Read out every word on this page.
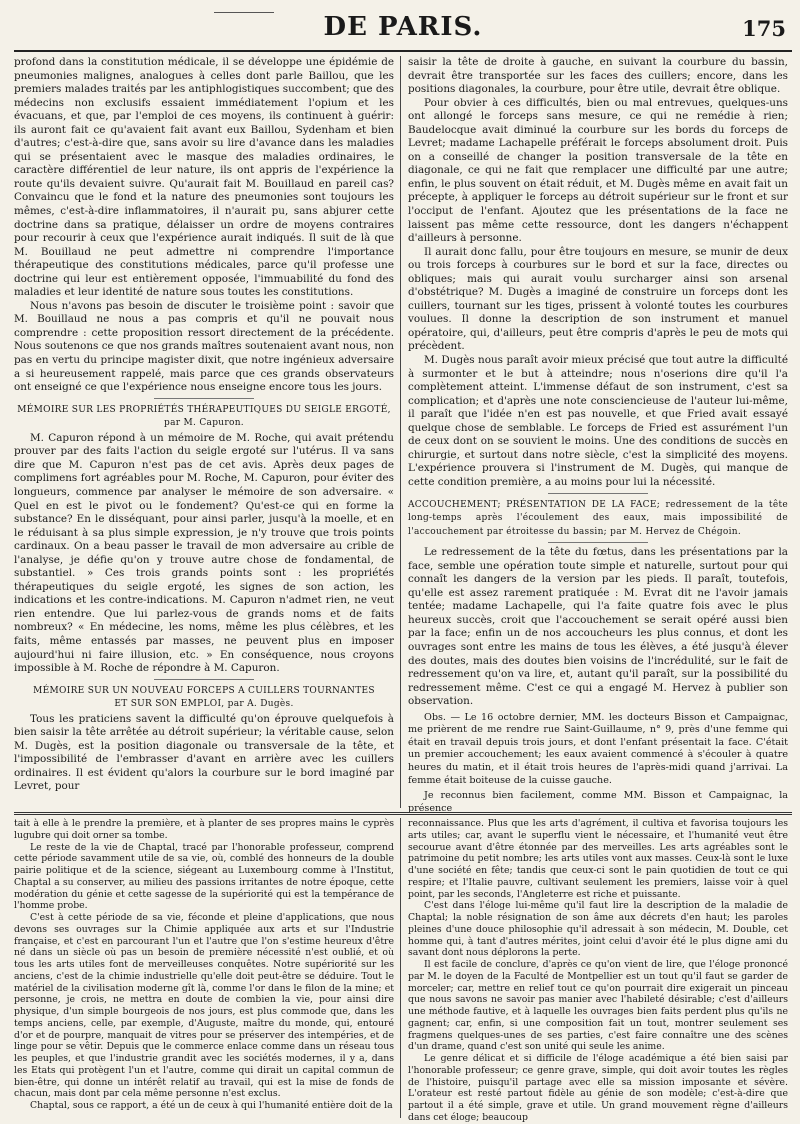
DE PARIS.	175

profond dans la constitution médicale, il se développe une épidémie de pneumonies malignes, analogues à celles dont parle Baillou, que les premiers malades traités par les antiphlogistiques succombent; que des médecins non exclusifs essaient immédiatement l'opium et les évacuans, et que, par l'emploi de ces moyens, ils continuent à guérir: ils auront fait ce qu'avaient fait avant eux Baillou, Sydenham et bien d'autres; c'est-à-dire que, sans avoir su lire d'avance dans les maladies qui se présentaient avec le masque des maladies ordinaires, le caractère différentiel de leur nature, ils ont appris de l'expérience la route qu'ils devaient suivre. Qu'aurait fait M. Bouillaud en pareil cas? Convaincu que le fond et la nature des pneumonies sont toujours les mêmes, c'est-à-dire inflammatoires, il n'aurait pu, sans abjurer cette doctrine dans sa pratique, délaisser un ordre de moyens contraires pour recourir à ceux que l'expérience aurait indiqués. Il suit de là que M. Bouillaud ne peut admettre ni comprendre l'importance thérapeutique des constitutions médicales, parce qu'il professe une doctrine qui leur est entièrement opposée, l'immuabilité du fond des maladies et leur identité de nature sous toutes les constitutions.

Nous n'avons pas besoin de discuter le troisième point : savoir que M. Bouillaud ne nous a pas compris et qu'il ne pouvait nous comprendre : cette proposition ressort directement de la précédente. Nous soutenons ce que nos grands maîtres soutenaient avant nous, non pas en vertu du principe magister dixit, que notre ingénieux adversaire a si heureusement rappelé, mais parce que ces grands observateurs ont enseigné ce que l'expérience nous enseigne encore tous les jours.

MÉMOIRE SUR LES PROPRIÉTÉS THÉRAPEUTIQUES DU SEIGLE ERGOTÉ,
par M. Capuron.

M. Capuron répond à un mémoire de M. Roche, qui avait prétendu prouver par des faits l'action du seigle ergoté sur l'utérus. Il va sans dire que M. Capuron n'est pas de cet avis. Après deux pages de complimens fort agréables pour M. Roche, M. Capuron, pour éviter des longueurs, commence par analyser le mémoire de son adversaire. « Quel en est le pivot ou le fondement? Qu'est-ce qui en forme la substance? En le disséquant, pour ainsi parler, jusqu'à la moelle, et en le réduisant à sa plus simple expression, je n'y trouve que trois points cardinaux. On a beau passer le travail de mon adversaire au crible de l'analyse, je défie qu'on y trouve autre chose de fondamental, de substantiel. » Ces trois grands points sont : les propriétés thérapeutiques du seigle ergoté, les signes de son action, les indications et les contre-indications. M. Capuron n'admet rien, ne veut rien entendre. Que lui parlez-vous de grands noms et de faits nombreux? « En médecine, les noms, même les plus célèbres, et les faits, même entassés par masses, ne peuvent plus en imposer aujourd'hui ni faire illusion, etc. » En conséquence, nous croyons impossible à M. Roche de répondre à M. Capuron.

MÉMOIRE SUR UN NOUVEAU FORCEPS A CUILLERS TOURNANTES
ET SUR SON EMPLOI, par A. Dugès.

Tous les praticiens savent la difficulté qu'on éprouve quelquefois à bien saisir la tête arrêtée au détroit supérieur; la véritable cause, selon M. Dugès, est la position diagonale ou transversale de la tête, et l'impossibilité de l'embrasser d'avant en arrière avec les cuillers ordinaires. Il est évident qu'alors la courbure sur le bord imaginé par Levret, pour

saisir la tête de droite à gauche, en suivant la courbure du bassin, devrait être transportée sur les faces des cuillers; encore, dans les positions diagonales, la courbure, pour être utile, devrait être oblique.

Pour obvier à ces difficultés, bien ou mal entrevues, quelques-uns ont allongé le forceps sans mesure, ce qui ne remédie à rien; Baudelocque avait diminué la courbure sur les bords du forceps de Levret; madame Lachapelle préférait le forceps absolument droit. Puis on a conseillé de changer la position transversale de la tête en diagonale, ce qui ne fait que remplacer une difficulté par une autre; enfin, le plus souvent on était réduit, et M. Dugès même en avait fait un précepte, à appliquer le forceps au détroit supérieur sur le front et sur l'occiput de l'enfant. Ajoutez que les présentations de la face ne laissent pas même cette ressource, dont les dangers n'échappent d'ailleurs à personne.

Il aurait donc fallu, pour être toujours en mesure, se munir de deux ou trois forceps à courbures sur le bord et sur la face, directes ou obliques; mais qui aurait voulu surcharger ainsi son arsenal d'obstétrique? M. Dugès a imaginé de construire un forceps dont les cuillers, tournant sur les tiges, prissent à volonté toutes les courbures voulues. Il donne la description de son instrument et manuel opératoire, qui, d'ailleurs, peut être compris d'après le peu de mots qui précèdent.

M. Dugès nous paraît avoir mieux précisé que tout autre la difficulté à surmonter et le but à atteindre; nous n'oserions dire qu'il l'a complètement atteint. L'immense défaut de son instrument, c'est sa complication; et d'après une note consciencieuse de l'auteur lui-même, il paraît que l'idée n'en est pas nouvelle, et que Fried avait essayé quelque chose de semblable. Le forceps de Fried est assurément l'un de ceux dont on se souvient le moins. Une des conditions de succès en chirurgie, et surtout dans notre siècle, c'est la simplicité des moyens. L'expérience prouvera si l'instrument de M. Dugès, qui manque de cette condition première, a au moins pour lui la nécessité.

ACCOUCHEMENT; PRÉSENTATION DE LA FACE; redressement de la tête long-temps après l'écoulement des eaux, mais impossibilité de l'accouchement par étroitesse du bassin; par M. Hervez de Chégoin.

Le redressement de la tête du fœtus, dans les présentations par la face, semble une opération toute simple et naturelle, surtout pour qui connaît les dangers de la version par les pieds. Il paraît, toutefois, qu'elle est assez rarement pratiquée : M. Evrat dit ne l'avoir jamais tentée; madame Lachapelle, qui l'a faite quatre fois avec le plus heureux succès, croit que l'accouchement se serait opéré aussi bien par la face; enfin un de nos accoucheurs les plus connus, et dont les ouvrages sont entre les mains de tous les élèves, a été jusqu'à élever des doutes, mais des doutes bien voisins de l'incrédulité, sur le fait de redressement qu'on va lire, et, autant qu'il paraît, sur la possibilité du redressement même. C'est ce qui a engagé M. Hervez à publier son observation.

Obs. — Le 16 octobre dernier, MM. les docteurs Bisson et Campaignac, me prièrent de me rendre rue Saint-Guillaume, n° 9, près d'une femme qui était en travail depuis trois jours, et dont l'enfant présentait la face. C'était un premier accouchement; les eaux avaient commencé à s'écouler à quatre heures du matin, et il était trois heures de l'après-midi quand j'arrivai. La femme était boiteuse de la cuisse gauche.

Je reconnus bien facilement, comme MM. Bisson et Campaignac, la présence

tait à elle à le prendre la première, et à planter de ses propres mains le cyprès lugubre qui doit orner sa tombe.

Le reste de la vie de Chaptal, tracé par l'honorable professeur, comprend cette période savamment utile de sa vie, où, comblé des honneurs de la double pairie politique et de la science, siégeant au Luxembourg comme à l'Institut, Chaptal a su conserver, au milieu des passions irritantes de notre époque, cette modération du génie et cette sagesse de la supériorité qui est la tempérance de l'homme probe.

C'est à cette période de sa vie, féconde et pleine d'applications, que nous devons ses ouvrages sur la Chimie appliquée aux arts et sur l'Industrie française, et c'est en parcourant l'un et l'autre que l'on s'estime heureux d'être né dans un siècle où pas un besoin de première nécessité n'est oublié, et où tous les arts utiles font de merveilleuses conquêtes. Notre supériorité sur les anciens, c'est de la chimie industrielle qu'elle doit peut-être se déduire. Tout le matériel de la civilisation moderne gît là, comme l'or dans le filon de la mine; et personne, je crois, ne mettra en doute de combien la vie, pour ainsi dire physique, d'un simple bourgeois de nos jours, est plus commode que, dans les temps anciens, celle, par exemple, d'Auguste, maître du monde, qui, entouré d'or et de pourpre, manquait de vitres pour se préserver des intempéries, et de linge pour se vêtir. Depuis que le commerce enlace comme dans un réseau tous les peuples, et que l'industrie grandit avec les sociétés modernes, il y a, dans les Etats qui protègent l'un et l'autre, comme qui dirait un capital commun de bien-être, qui donne un intérêt relatif au travail, qui est la mise de fonds de chacun, mais dont par cela même personne n'est exclus.

Chaptal, sous ce rapport, a été un de ceux à qui l'humanité entière doit de la

reconnaissance. Plus que les arts d'agrément, il cultiva et favorisa toujours les arts utiles; car, avant le superflu vient le nécessaire, et l'humanité veut être secourue avant d'être étonnée par des merveilles. Les arts agréables sont le patrimoine du petit nombre; les arts utiles vont aux masses. Ceux-là sont le luxe d'une société en fête; tandis que ceux-ci sont le pain quotidien de tout ce qui respire; et l'Italie pauvre, cultivant seulement les premiers, laisse voir à quel point, par les seconds, l'Angleterre est riche et puissante.

C'est dans l'éloge lui-même qu'il faut lire la description de la maladie de Chaptal; la noble résignation de son âme aux décrets d'en haut; les paroles pleines d'une douce philosophie qu'il adressait à son médecin, M. Double, cet homme qui, à tant d'autres mérites, joint celui d'avoir été le plus digne ami du savant dont nous déplorons la perte.

Il est facile de conclure, d'après ce qu'on vient de lire, que l'éloge prononcé par M. le doyen de la Faculté de Montpellier est un tout qu'il faut se garder de morceler; car, mettre en relief tout ce qu'on pourrait dire exigerait un pinceau que nous savons ne savoir pas manier avec l'habileté désirable; c'est d'ailleurs une méthode fautive, et à laquelle les ouvrages bien faits perdent plus qu'ils ne gagnent; car, enfin, si une composition fait un tout, montrer seulement ses fragmens quelques-unes de ses parties, c'est faire connaître une des scènes d'un drame, quand c'est son unité qui seule les anime.

Le genre délicat et si difficile de l'éloge académique a été bien saisi par l'honorable professeur; ce genre grave, simple, qui doit avoir toutes les règles de l'histoire, puisqu'il partage avec elle sa mission imposante et sévère. L'orateur est resté partout fidèle au génie de son modèle; c'est-à-dire que partout il a été simple, grave et utile. Un grand mouvement règne d'ailleurs dans cet éloge; beaucoup
